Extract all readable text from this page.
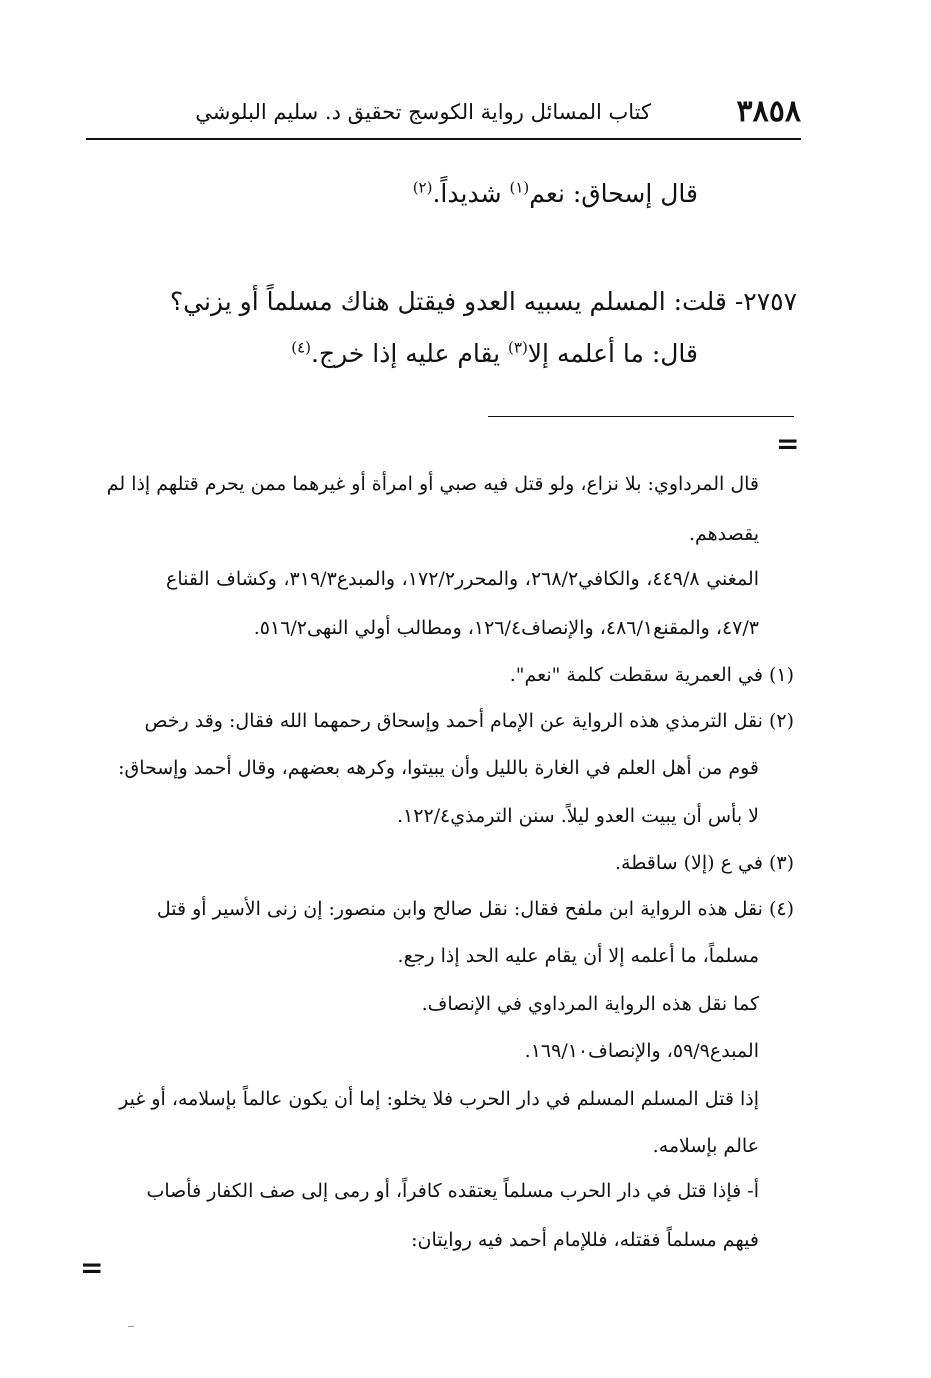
٣٨٥٨
كتاب المسائل رواية الكوسج تحقيق د. سليم البلوشي
قال إسحاق: نعم$^{(١)}$ شديداً.$^{(٢)}$
٢٧٥٧- قلت: المسلم يسبيه العدو فيقتل هناك مسلماً أو يزني؟
قال: ما أعلمه إلا$^{(٣)}$ يقام عليه إذا خرج.$^{(٤)}$
=
قال المرداوي: بلا نزاع، ولو قتل فيه صبي أو امرأة أو غيرهما ممن يحرم قتلهم إذا لم
يقصدهم.
المغني ٤٤٩/٨، والكافي٢٦٨/٢، والمحرر١٧٢/٢، والمبدع٣١٩/٣، وكشاف القناع
٤٧/٣، والمقنع٤٨٦/١، والإنصاف١٢٦/٤، ومطالب أولي النهى٥١٦/٢.
(١) في العمرية سقطت كلمة "نعم".
(٢) نقل الترمذي هذه الرواية عن الإمام أحمد وإسحاق رحمهما الله فقال: وقد رخص
قوم من أهل العلم في الغارة بالليل وأن يبيتوا، وكرهه بعضهم، وقال أحمد وإسحاق:
لا بأس أن يبيت العدو ليلاً. سنن الترمذي١٢٢/٤.
(٣) في ع (إلا) ساقطة.
(٤) نقل هذه الرواية ابن ملفح فقال: نقل صالح وابن منصور: إن زنى الأسير أو قتل
مسلماً، ما أعلمه إلا أن يقام عليه الحد إذا رجع.
كما نقل هذه الرواية المرداوي في الإنصاف.
المبدع٥٩/٩، والإنصاف١٦٩/١٠.
إذا قتل المسلم المسلم في دار الحرب فلا يخلو: إما أن يكون عالماً بإسلامه، أو غير
عالم بإسلامه.
أ- فإذا قتل في دار الحرب مسلماً يعتقده كافراً، أو رمى إلى صف الكفار فأصاب
فيهم مسلماً فقتله، فللإمام أحمد فيه روايتان:
=
